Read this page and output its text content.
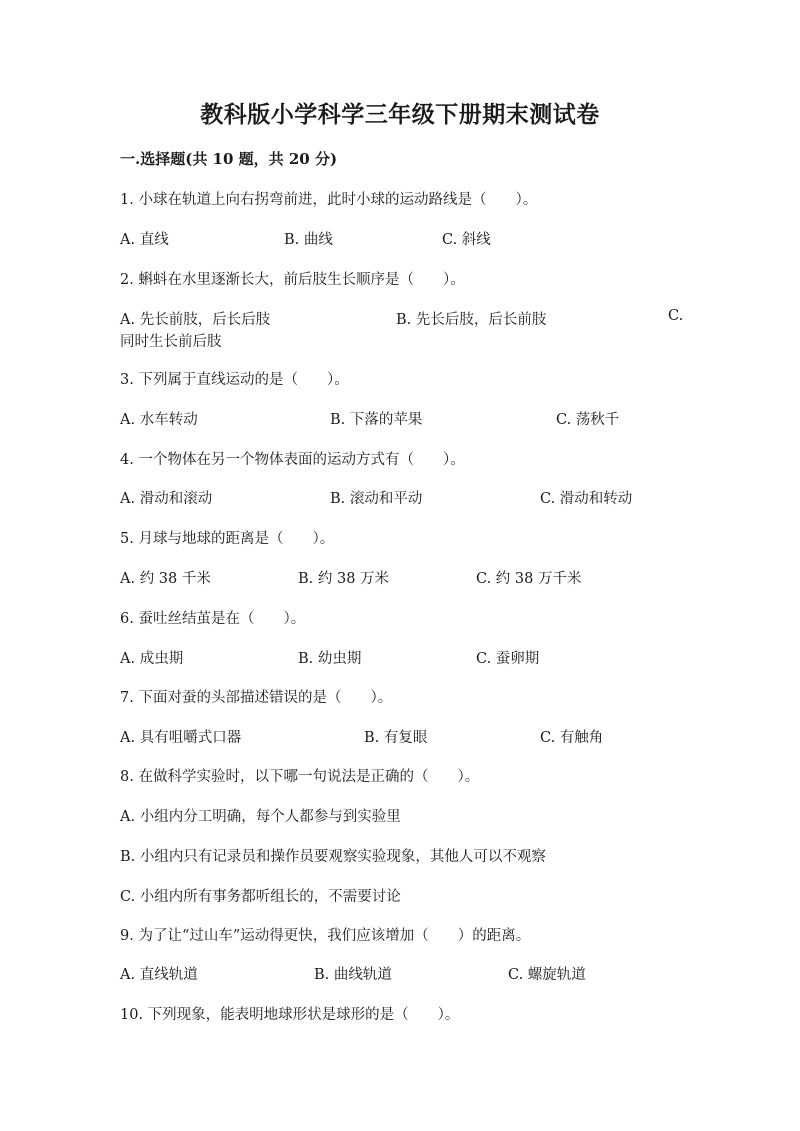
教科版小学科学三年级下册期末测试卷
一.选择题(共 10 题，共 20 分)
1. 小球在轨道上向右拐弯前进，此时小球的运动路线是（　　）。
A. 直线	B. 曲线	C. 斜线
2. 蝌蚪在水里逐渐长大，前后肢生长顺序是（　　）。
A. 先长前肢，后长后肢	B. 先长后肢，后长前肢	C.
同时生长前后肢
3. 下列属于直线运动的是（　　）。
A. 水车转动	B. 下落的苹果	C. 荡秋千
4. 一个物体在另一个物体表面的运动方式有（　　）。
A. 滑动和滚动	B. 滚动和平动	C. 滑动和转动
5. 月球与地球的距离是（　　）。
A. 约 38 千米	B. 约 38 万米	C. 约 38 万千米
6. 蚕吐丝结茧是在（　　）。
A. 成虫期	B. 幼虫期	C. 蚕卵期
7. 下面对蚕的头部描述错误的是（　　）。
A. 具有咀嚼式口器	B. 有复眼	C. 有触角
8. 在做科学实验时，以下哪一句说法是正确的（　　）。
A. 小组内分工明确，每个人都参与到实验里
B. 小组内只有记录员和操作员要观察实验现象，其他人可以不观察
C. 小组内所有事务都听组长的，不需要讨论
9. 为了让“过山车”运动得更快，我们应该增加（　　）的距离。
A. 直线轨道	B. 曲线轨道	C. 螺旋轨道
10. 下列现象，能表明地球形状是球形的是（　　）。
